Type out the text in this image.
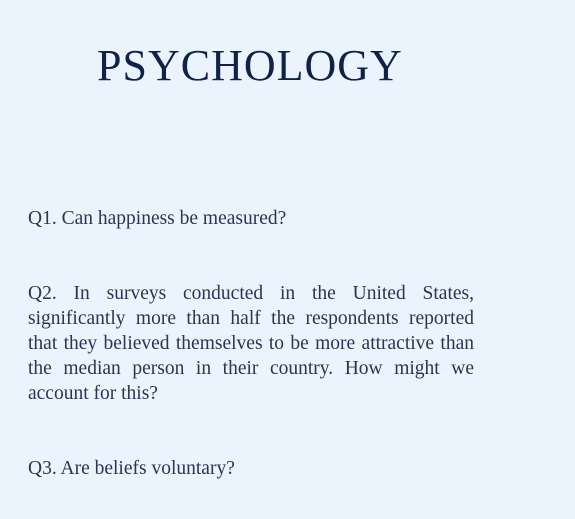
PSYCHOLOGY

Q1. Can happiness be measured?

Q2. In surveys conducted in the United States, significantly more than half the respondents reported that they believed themselves to be more attractive than the median person in their country. How might we account for this?

Q3. Are beliefs voluntary?
